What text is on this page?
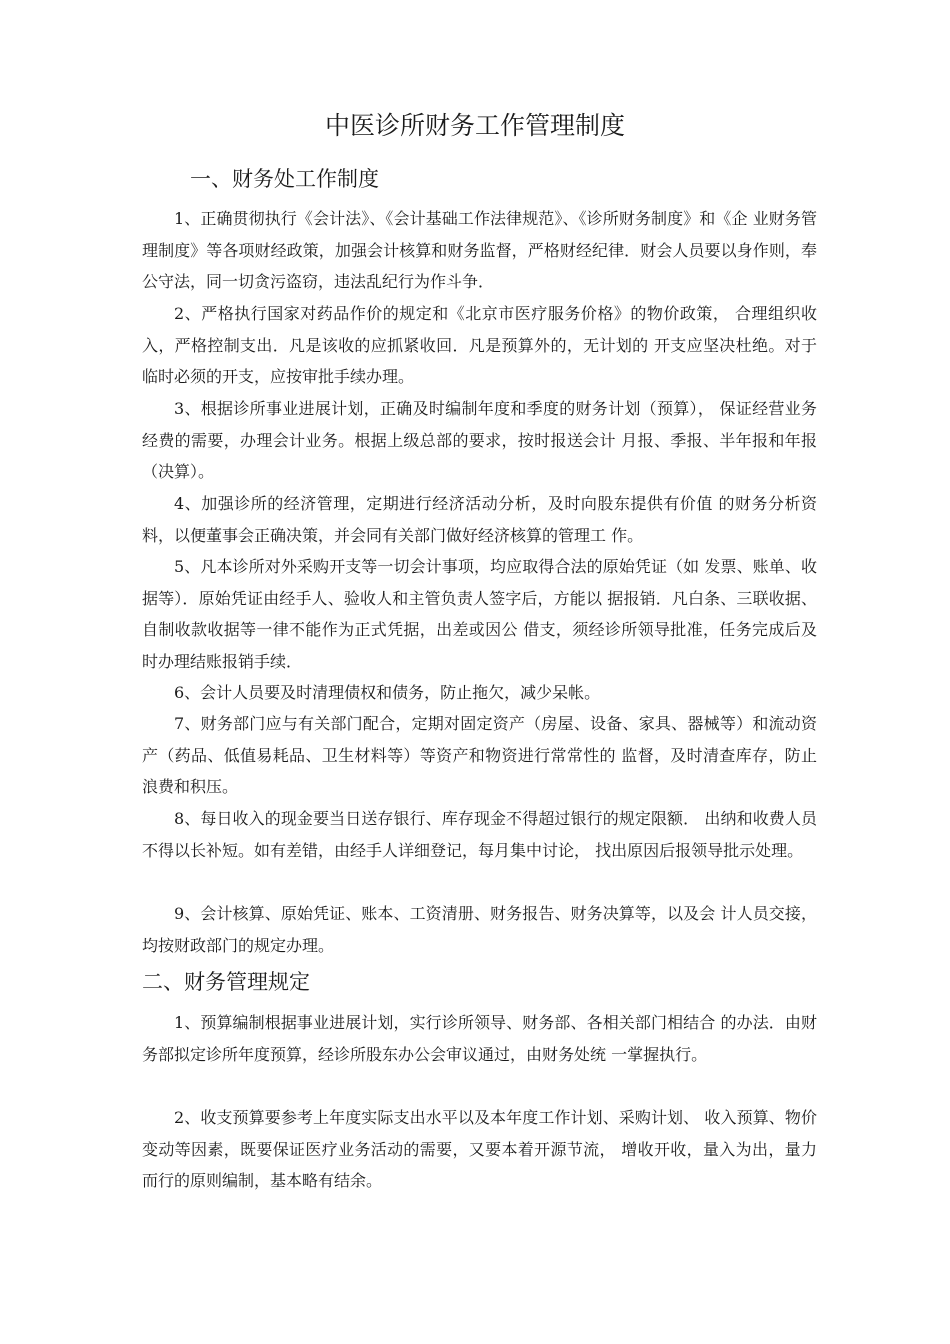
中医诊所财务工作管理制度
一、财务处工作制度

1、正确贯彻执行《会计法》、《会计基础工作法律规范》、《诊所财务制度》和《企 业财务管理制度》等各项财经政策，加强会计核算和财务监督，严格财经纪律．财会人员要以身作则，奉公守法，同一切贪污盗窃，违法乱纪行为作斗争．

2、严格执行国家对药品作价的规定和《北京市医疗服务价格》的物价政策， 合理组织收入，严格控制支出．凡是该收的应抓紧收回．凡是预算外的，无计划的 开支应坚决杜绝。对于临时必须的开支，应按审批手续办理。

3、根据诊所事业进展计划，正确及时编制年度和季度的财务计划（预算）， 保证经营业务经费的需要，办理会计业务。根据上级总部的要求，按时报送会计 月报、季报、半年报和年报（决算）。

4、加强诊所的经济管理，定期进行经济活动分析，及时向股东提供有价值 的财务分析资料，以便董事会正确决策，并会同有关部门做好经济核算的管理工 作。

5、凡本诊所对外采购开支等一切会计事项，均应取得合法的原始凭证（如 发票、账单、收据等）．原始凭证由经手人、验收人和主管负责人签字后，方能以 据报销．凡白条、三联收据、自制收款收据等一律不能作为正式凭据，出差或因公 借支，须经诊所领导批准，任务完成后及时办理结账报销手续．

6、会计人员要及时清理债权和债务，防止拖欠，减少呆帐。

7、财务部门应与有关部门配合，定期对固定资产（房屋、设备、家具、器械等）和流动资产（药品、低值易耗品、卫生材料等）等资产和物资进行常常性的 监督，及时清查库存，防止浪费和积压。

8、每日收入的现金要当日送存银行、库存现金不得超过银行的规定限额． 出纳和收费人员不得以长补短。如有差错，由经手人详细登记，每月集中讨论， 找出原因后报领导批示处理。

9、会计核算、原始凭证、账本、工资清册、财务报告、财务决算等，以及会 计人员交接，均按财政部门的规定办理。

二、财务管理规定

1、预算编制根据事业进展计划，实行诊所领导、财务部、各相关部门相结合 的办法．由财务部拟定诊所年度预算，经诊所股东办公会审议通过，由财务处统 一掌握执行。

2、收支预算要参考上年度实际支出水平以及本年度工作计划、采购计划、 收入预算、物价变动等因素，既要保证医疗业务活动的需要，又要本着开源节流， 增收开收，量入为出，量力而行的原则编制，基本略有结余。
